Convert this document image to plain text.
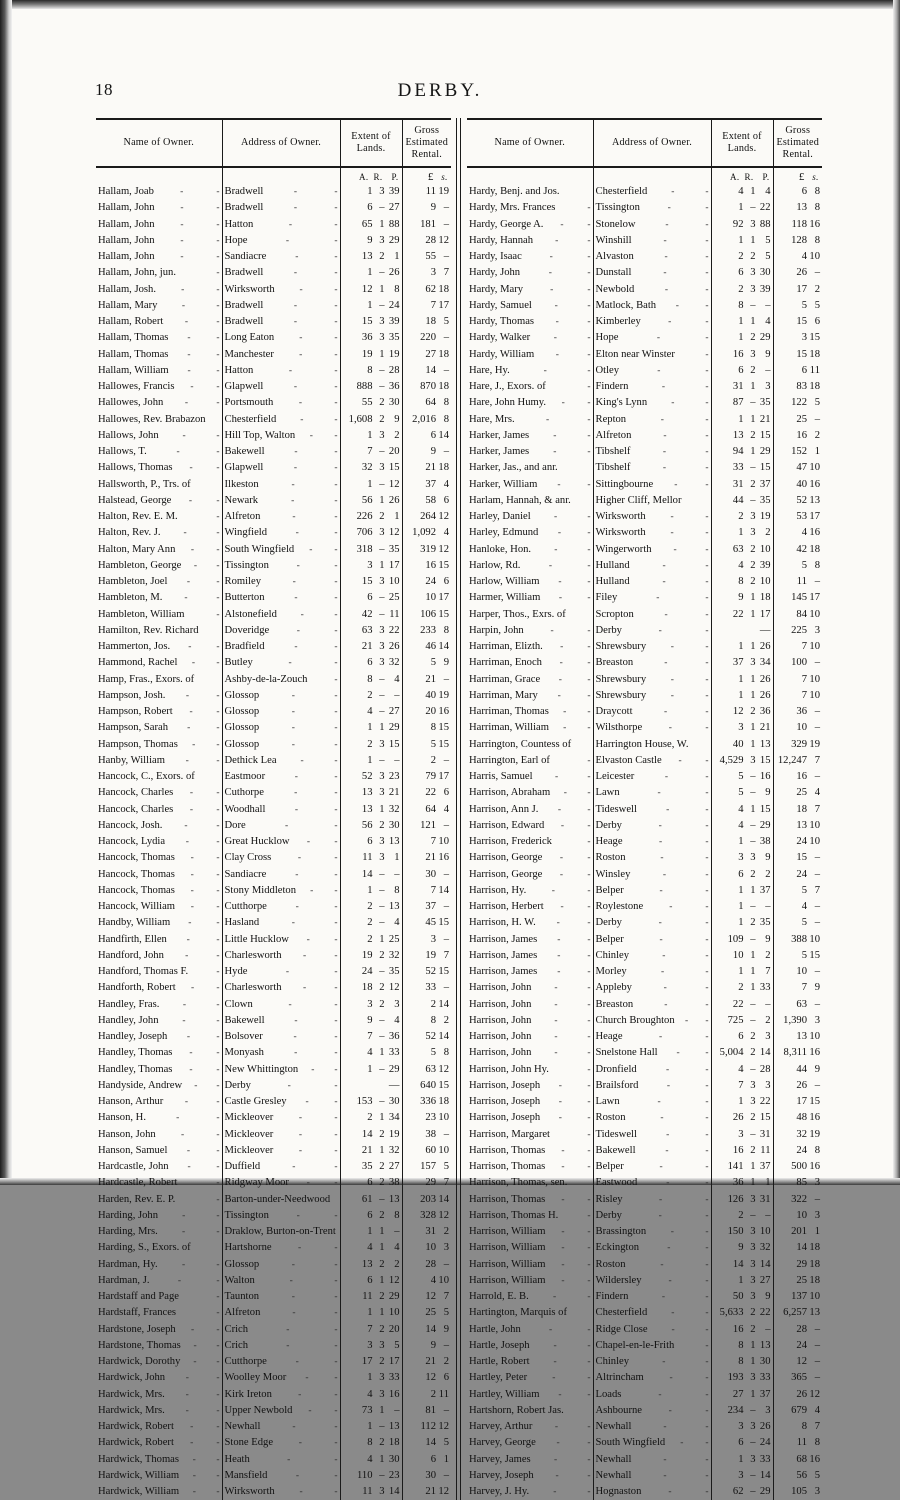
18	DERBY.

Name of Owner.	Address of Owner.	Extent of
Lands.	Gross
Estimated
Rental.

		A. R. P.	£ s.

Hallam, Joab - -	Bradwell - -	1 3 39	11 19

Hallam, John - -	Bradwell - -	6 – 27	9 –

Hallam, John - -	Hatton - -	65 1 88	181 –

Hallam, John - -	Hope - -	9 3 29	28 12

Hallam, John - -	Sandiacre - -	13 2 1	55 –

Hallam, John, jun. -	Bradwell - -	1 – 26	3 7

Hallam, Josh. - -	Wirksworth - -	12 1 8	62 18

Hallam, Mary - -	Bradwell - -	1 – 24	7 17

Hallam, Robert - -	Bradwell - -	15 3 39	18 5

Hallam, Thomas - -	Long Eaton - -	36 3 35	220 –

Hallam, Thomas - -	Manchester - -	19 1 19	27 18

Hallam, William - -	Hatton - -	8 – 28	14 –

Hallowes, Francis - -	Glapwell - -	888 – 36	870 18

Hallowes, John - -	Portsmouth - -	55 2 30	64 8

Hallowes, Rev. Brabazon	Chesterfield - -	1,608 2 9	2,016 8

Hallows, John - -	Hill Top, Walton - -	1 3 2	6 14

Hallows, T. - -	Bakewell - -	7 – 20	9 –

Hallows, Thomas - -	Glapwell - -	32 3 15	21 18

Hallsworth, P., Trs. of	Ilkeston - -	1 – 12	37 4

Halstead, George - -	Newark - -	56 1 26	58 6

Halton, Rev. E. M. -	Alfreton - -	226 2 1	264 12

Halton, Rev. J. - -	Wingfield - -	706 3 12	1,092 4

Halton, Mary Ann - -	South Wingfield - -	318 – 35	319 12

Hambleton, George - -	Tissington - -	3 1 17	16 15

Hambleton, Joel - -	Romiley - -	15 3 10	24 6

Hambleton, M. - -	Butterton - -	6 – 25	10 17

Hambleton, William -	Alstonefield - -	42 – 11	106 15

Hamilton, Rev. Richard	Doveridge - -	63 3 22	233 8

Hammerton, Jos. - -	Bradfield - -	21 3 26	46 14

Hammond, Rachel - -	Butley - -	6 3 32	5 9

Hamp, Fras., Exors. of	Ashby-de-la-Zouch -	8 – 4	21 –

Hampson, Josh. - -	Glossop - -	2 – –	40 19

Hampson, Robert - -	Glossop - -	4 – 27	20 16

Hampson, Sarah - -	Glossop - -	1 1 29	8 15

Hampson, Thomas - -	Glossop - -	2 3 15	5 15

Hanby, William - -	Dethick Lea - -	1 – –	2 –

Hancock, C., Exors. of	Eastmoor - -	52 3 23	79 17

Hancock, Charles - -	Cuthorpe - -	13 3 21	22 6

Hancock, Charles - -	Woodhall - -	13 1 32	64 4

Hancock, Josh. - -	Dore - -	56 2 30	121 –

Hancock, Lydia - -	Great Hucklow - -	6 3 13	7 10

Hancock, Thomas - -	Clay Cross - -	11 3 1	21 16

Hancock, Thomas - -	Sandiacre - -	14 – –	30 –

Hancock, Thomas - -	Stony Middleton - -	1 – 8	7 14

Hancock, William - -	Cutthorpe - -	2 – 13	37 –

Handby, William - -	Hasland - -	2 – 4	45 15

Handfirth, Ellen - -	Little Hucklow - -	2 1 25	3 –

Handford, John - -	Charlesworth - -	19 2 32	19 7

Handford, Thomas F. -	Hyde - -	24 – 35	52 15

Handforth, Robert - -	Charlesworth - -	18 2 12	33 –

Handley, Fras. - -	Clown - -	3 2 3	2 14

Handley, John - -	Bakewell - -	9 – 4	8 2

Handley, Joseph - -	Bolsover - -	7 – 36	52 14

Handley, Thomas - -	Monyash - -	4 1 33	5 8

Handley, Thomas - -	New Whittington - -	1 – 29	63 12

Handyside, Andrew - -	Derby - -	—	640 15

Hanson, Arthur - -	Castle Gresley - -	153 – 30	336 18

Hanson, H. - -	Mickleover - -	2 1 34	23 10

Hanson, John - -	Mickleover - -	14 2 19	38 –

Hanson, Samuel - -	Mickleover - -	21 1 32	60 10

Hardcastle, John - -	Duffield - -	35 2 27	157 5

Hardcastle, Robert -	Ridgway Moor - -	6 2 38	29 7

Harden, Rev. E. P. -	Barton-under-Needwood	61 – 13	203 14

Harding, John - -	Tissington - -	6 2 8	328 12

Harding, Mrs. - -	Draklow, Burton-on-Trent	1 1 –	31 2

Harding, S., Exors. of	Hartshorne - -	4 1 4	10 3

Hardman, Hy. - -	Glossop - -	13 2 2	28 –

Hardman, J. - -	Walton - -	6 1 12	4 10

Hardstaff and Page -	Taunton - -	11 2 29	12 7

Hardstaff, Frances -	Alfreton - -	1 1 10	25 5

Hardstone, Joseph - -	Crich - -	7 2 20	14 9

Hardstone, Thomas - -	Crich - -	3 3 5	9 –

Hardwick, Dorothy - -	Cutthorpe - -	17 2 17	21 2

Hardwick, John - -	Woolley Moor - -	1 3 33	12 6

Hardwick, Mrs. - -	Kirk Ireton - -	4 3 16	2 11

Hardwick, Mrs. - -	Upper Newbold - -	73 1 –	81 –

Hardwick, Robert - -	Newhall - -	1 – 13	112 12

Hardwick, Robert - -	Stone Edge - -	8 2 18	14 5

Hardwick, Thomas - -	Heath - -	4 1 30	6 1

Hardwick, William - -	Mansfield - -	110 – 23	30 –

Hardwick, William - -	Wirksworth - -	11 3 14	21 12

Name of Owner.	Address of Owner.	Extent of
Lands.	Gross
Estimated
Rental.

		A. R. P.	£ s.

Hardy, Benj. and Jos.	Chesterfield - -	4 1 4	6 8

Hardy, Mrs. Frances -	Tissington - -	1 – 22	13 8

Hardy, George A. - -	Stonelow - -	92 3 88	118 16

Hardy, Hannah - -	Winshill - -	1 1 5	128 8

Hardy, Isaac - -	Alvaston - -	2 2 5	4 10

Hardy, John - -	Dunstall - -	6 3 30	26 –

Hardy, Mary - -	Newbold - -	2 3 39	17 2

Hardy, Samuel - -	Matlock, Bath - -	8 – –	5 5

Hardy, Thomas - -	Kimberley - -	1 1 4	15 6

Hardy, Walker - -	Hope - -	1 2 29	3 15

Hardy, William - -	Elton near Winster -	16 3 9	15 18

Hare, Hy. - -	Otley - -	6 2 –	6 11

Hare, J., Exors. of -	Findern - -	31 1 3	83 18

Hare, John Humy. - -	King's Lynn - -	87 – 35	122 5

Hare, Mrs. - -	Repton - -	1 1 21	25 –

Harker, James - -	Alfreton - -	13 2 15	16 2

Harker, James - -	Tibshelf - -	94 1 29	152 1

Harker, Jas., and anr.	Tibshelf - -	33 – 15	47 10

Harker, William - -	Sittingbourne - -	31 2 37	40 16

Harlam, Hannah, & anr.	Higher Cliff, Mellor	44 – 35	52 13

Harley, Daniel - -	Wirksworth - -	2 3 19	53 17

Harley, Edmund - -	Wirksworth - -	1 3 2	4 16

Hanloke, Hon. - -	Wingerworth - -	63 2 10	42 18

Harlow, Rd. - -	Hulland - -	4 2 39	5 8

Harlow, William - -	Hulland - -	8 2 10	11 –

Harmer, William - -	Filey - -	9 1 18	145 17

Harper, Thos., Exrs. of	Scropton - -	22 1 17	84 10

Harpin, John - -	Derby - -	—	225 3

Harriman, Elizth. - -	Shrewsbury - -	1 1 26	7 10

Harriman, Enoch - -	Breaston - -	37 3 34	100 –

Harriman, Grace - -	Shrewsbury - -	1 1 26	7 10

Harriman, Mary - -	Shrewsbury - -	1 1 26	7 10

Harriman, Thomas - -	Draycott - -	12 2 36	36 –

Harriman, William - -	Wilsthorpe - -	3 1 21	10 –

Harrington, Countess of	Harrington House, W.	40 1 13	329 19

Harrington, Earl of -	Elvaston Castle - -	4,529 3 15	12,247 7

Harris, Samuel - -	Leicester - -	5 – 16	16 –

Harrison, Abraham - -	Lawn - -	5 – 9	25 4

Harrison, Ann J. - -	Tideswell - -	4 1 15	18 7

Harrison, Edward - -	Derby - -	4 – 29	13 10

Harrison, Frederick -	Heage - -	1 – 38	24 10

Harrison, George - -	Roston - -	3 3 9	15 –

Harrison, George - -	Winsley - -	6 2 2	24 –

Harrison, Hy. - -	Belper - -	1 1 37	5 7

Harrison, Herbert - -	Roylestone - -	1 – –	4 –

Harrison, H. W. - -	Derby - -	1 2 35	5 –

Harrison, James - -	Belper - -	109 – 9	388 10

Harrison, James - -	Chinley - -	10 1 2	5 15

Harrison, James - -	Morley - -	1 1 7	10 –

Harrison, John - -	Appleby - -	2 1 33	7 9

Harrison, John - -	Breaston - -	22 – –	63 –

Harrison, John - -	Church Broughton - -	725 – 2	1,390 3

Harrison, John - -	Heage - -	6 2 3	13 10

Harrison, John - -	Snelstone Hall - -	5,004 2 14	8,311 16

Harrison, John Hy. -	Dronfield - -	4 – 28	44 9

Harrison, Joseph - -	Brailsford - -	7 3 3	26 –

Harrison, Joseph - -	Lawn - -	1 3 22	17 15

Harrison, Joseph - -	Roston - -	26 2 15	48 16

Harrison, Margaret -	Tideswell - -	3 – 31	32 19

Harrison, Thomas - -	Bakewell - -	16 2 11	24 8

Harrison, Thomas - -	Belper - -	141 1 37	500 16

Harrison, Thomas, sen.	Eastwood - -	36 1 1	85 3

Harrison, Thomas - -	Risley - -	126 3 31	322 –

Harrison, Thomas H. -	Derby - -	2 – –	10 3

Harrison, William - -	Brassington - -	150 3 10	201 1

Harrison, William - -	Eckington - -	9 3 32	14 18

Harrison, William - -	Roston - -	14 3 14	29 18

Harrison, William - -	Wildersley - -	1 3 27	25 18

Harrold, E. B. - -	Findern - -	50 3 9	137 10

Hartington, Marquis of	Chesterfield - -	5,633 2 22	6,257 13

Hartle, John - -	Ridge Close - -	16 2 –	28 –

Hartle, Joseph - -	Chapel-en-le-Frith -	8 1 13	24 –

Hartle, Robert - -	Chinley - -	8 1 30	12 –

Hartley, Peter - -	Altrincham - -	193 3 33	365 –

Hartley, William - -	Loads - -	27 1 37	26 12

Hartshorn, Robert Jas.	Ashbourne - -	234 – 3	679 4

Harvey, Arthur - -	Newhall - -	3 3 26	8 7

Harvey, George - -	South Wingfield - -	6 – 24	11 8

Harvey, James - -	Newhall - -	1 3 33	68 16

Harvey, Joseph - -	Newhall - -	3 – 14	56 5

Harvey, J. Hy. - -	Hognaston - -	62 – 29	105 3
